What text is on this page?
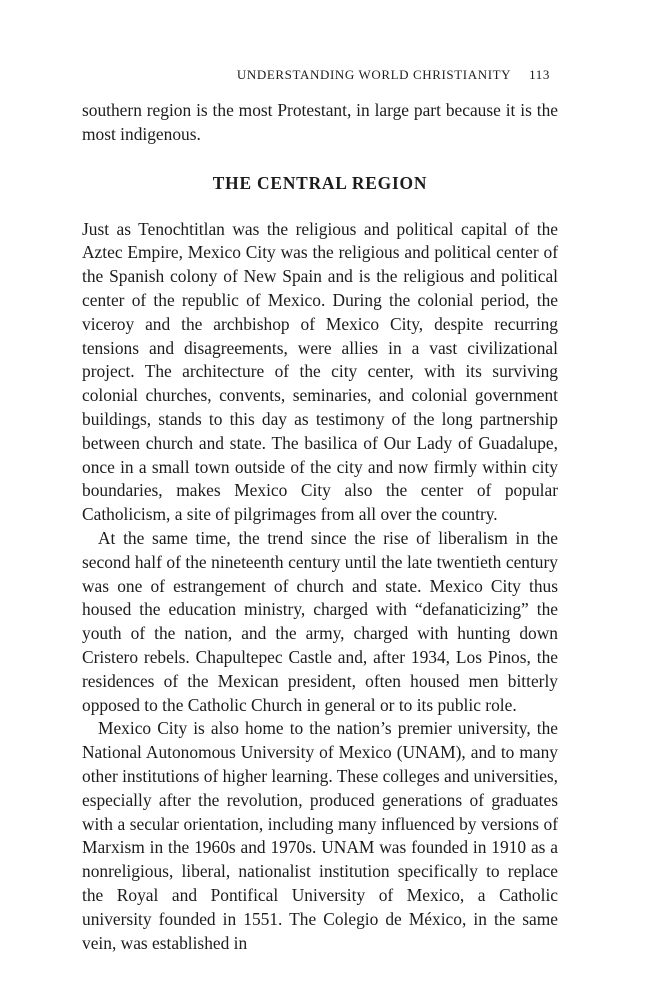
UNDERSTANDING WORLD CHRISTIANITY 113

southern region is the most Protestant, in large part because it is the most indigenous.

THE CENTRAL REGION

Just as Tenochtitlan was the religious and political capital of the Aztec Empire, Mexico City was the religious and political center of the Spanish colony of New Spain and is the religious and political center of the republic of Mexico. During the colonial period, the viceroy and the archbishop of Mexico City, despite recurring tensions and disagreements, were allies in a vast civilizational project. The architecture of the city center, with its surviving colonial churches, convents, seminaries, and colonial government buildings, stands to this day as testimony of the long partnership between church and state. The basilica of Our Lady of Guadalupe, once in a small town outside of the city and now firmly within city boundaries, makes Mexico City also the center of popular Catholicism, a site of pilgrimages from all over the country.

At the same time, the trend since the rise of liberalism in the second half of the nineteenth century until the late twentieth century was one of estrangement of church and state. Mexico City thus housed the education ministry, charged with “defanaticizing” the youth of the nation, and the army, charged with hunting down Cristero rebels. Chapultepec Castle and, after 1934, Los Pinos, the residences of the Mexican president, often housed men bitterly opposed to the Catholic Church in general or to its public role.

Mexico City is also home to the nation’s premier university, the National Autonomous University of Mexico (UNAM), and to many other institutions of higher learning. These colleges and universities, especially after the revolution, produced generations of graduates with a secular orientation, including many influenced by versions of Marxism in the 1960s and 1970s. UNAM was founded in 1910 as a nonreligious, liberal, nationalist institution specifically to replace the Royal and Pontifical University of Mexico, a Catholic university founded in 1551. The Colegio de México, in the same vein, was established in
